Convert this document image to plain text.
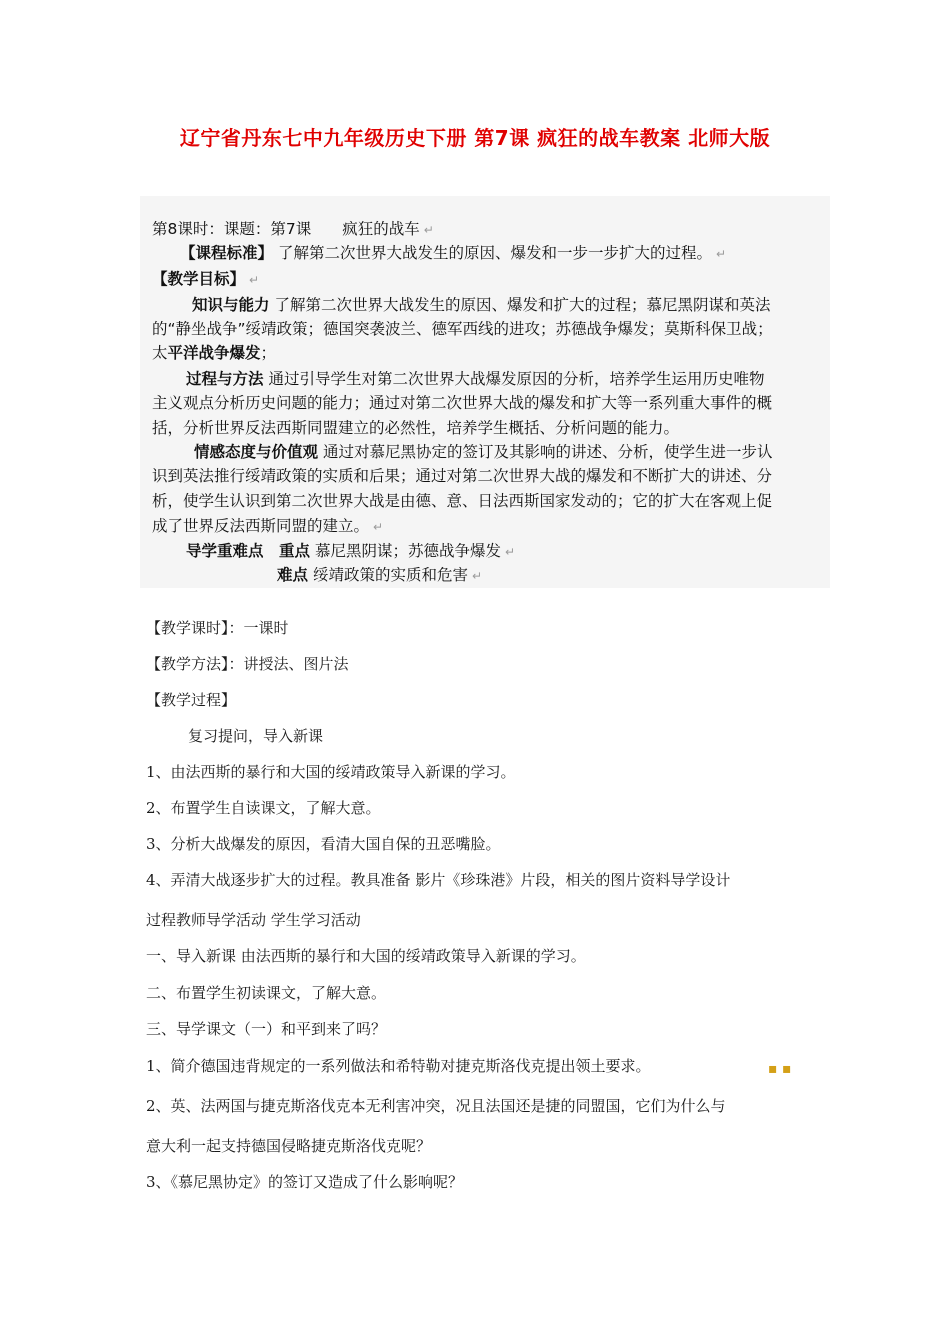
辽宁省丹东七中九年级历史下册 第7课 疯狂的战车教案 北师大版
第8课时：课题：第7课　　疯狂的战车 ↵
【课程标准】 了解第二次世界大战发生的原因、爆发和一步一步扩大的过程。 ↵
【教学目标】 ↵
知识与能力 了解第二次世界大战发生的原因、爆发和扩大的过程；慕尼黑阴谋和英法
的“静坐战争”绥靖政策；德国突袭波兰、德军西线的进攻；苏德战争爆发；莫斯科保卫战；
太平洋战争爆发；
过程与方法 通过引导学生对第二次世界大战爆发原因的分析，培养学生运用历史唯物
主义观点分析历史问题的能力；通过对第二次世界大战的爆发和扩大等一系列重大事件的概
括，分析世界反法西斯同盟建立的必然性，培养学生概括、分析问题的能力。
情感态度与价值观 通过对慕尼黑协定的签订及其影响的讲述、分析，使学生进一步认
识到英法推行绥靖政策的实质和后果；通过对第二次世界大战的爆发和不断扩大的讲述、分
析，使学生认识到第二次世界大战是由德、意、日法西斯国家发动的；它的扩大在客观上促
成了世界反法西斯同盟的建立。 ↵
导学重难点　重点 慕尼黑阴谋；苏德战争爆发 ↵
难点 绥靖政策的实质和危害 ↵
【教学课时】：一课时
【教学方法】：讲授法、图片法
【教学过程】
复习提问，导入新课
1、由法西斯的暴行和大国的绥靖政策导入新课的学习。
2、布置学生自读课文，了解大意。
3、分析大战爆发的原因，看清大国自保的丑恶嘴脸。
4、弄清大战逐步扩大的过程。教具准备 影片《珍珠港》片段，相关的图片资料导学设计
过程教师导学活动 学生学习活动
一、导入新课 由法西斯的暴行和大国的绥靖政策导入新课的学习。
二、布置学生初读课文，了解大意。
三、导学课文（一）和平到来了吗？
1、简介德国违背规定的一系列做法和希特勒对捷克斯洛伐克提出领土要求。
2、英、法两国与捷克斯洛伐克本无利害冲突，况且法国还是捷的同盟国，它们为什么与
意大利一起支持德国侵略捷克斯洛伐克呢？
3、《慕尼黑协定》的签订又造成了什么影响呢？
▪ ▪
